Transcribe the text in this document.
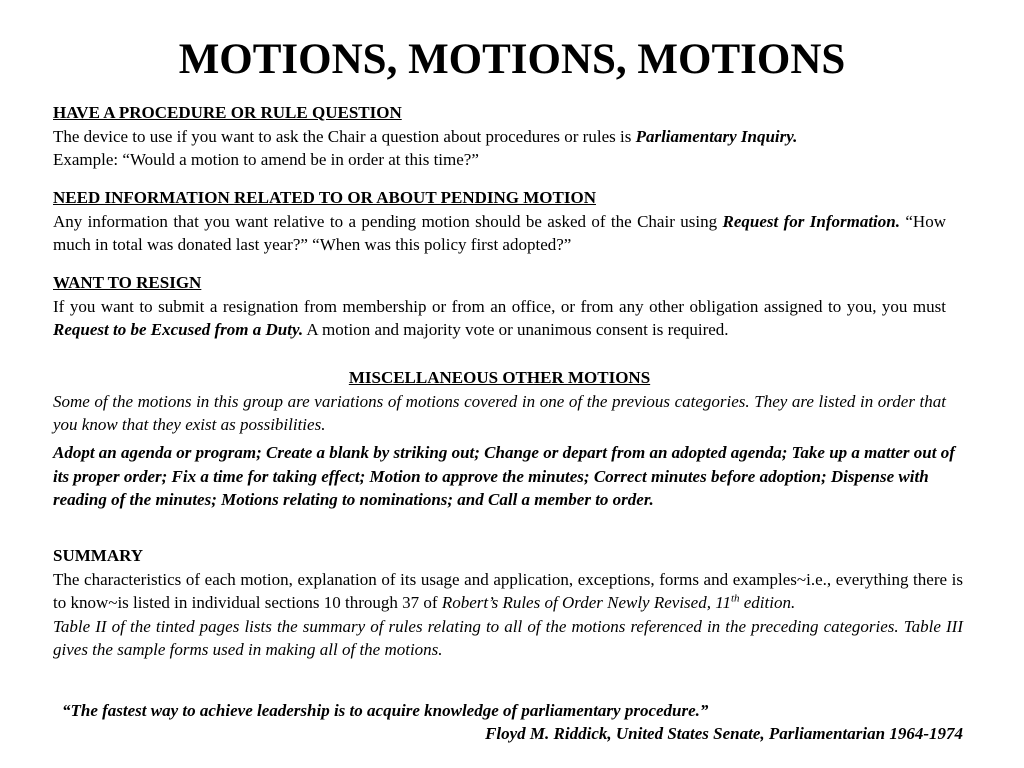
MOTIONS, MOTIONS, MOTIONS
HAVE A PROCEDURE OR RULE QUESTION
The device to use if you want to ask the Chair a question about procedures or rules is Parliamentary Inquiry.
Example: “Would a motion to amend be in order at this time?”
NEED INFORMATION RELATED TO OR ABOUT PENDING MOTION
Any information that you want relative to a pending motion should be asked of the Chair using Request for Information. “How much in total was donated last year?” “When was this policy first adopted?”
WANT TO RESIGN
If you want to submit a resignation from membership or from an office, or from any other obligation assigned to you, you must Request to be Excused from a Duty. A motion and majority vote or unanimous consent is required.
MISCELLANEOUS OTHER MOTIONS
Some of the motions in this group are variations of motions covered in one of the previous categories. They are listed in order that you know that they exist as possibilities.
Adopt an agenda or program; Create a blank by striking out; Change or depart from an adopted agenda; Take up a matter out of its proper order; Fix a time for taking effect; Motion to approve the minutes; Correct minutes before adoption; Dispense with reading of the minutes; Motions relating to nominations; and Call a member to order.
SUMMARY
The characteristics of each motion, explanation of its usage and application, exceptions, forms and examples~i.e., everything there is to know~is listed in individual sections 10 through 37 of Robert’s Rules of Order Newly Revised, 11th edition.
Table II of the tinted pages lists the summary of rules relating to all of the motions referenced in the preceding categories. Table III gives the sample forms used in making all of the motions.
“The fastest way to achieve leadership is to acquire knowledge of parliamentary procedure.”
Floyd M. Riddick, United States Senate, Parliamentarian 1964-1974
